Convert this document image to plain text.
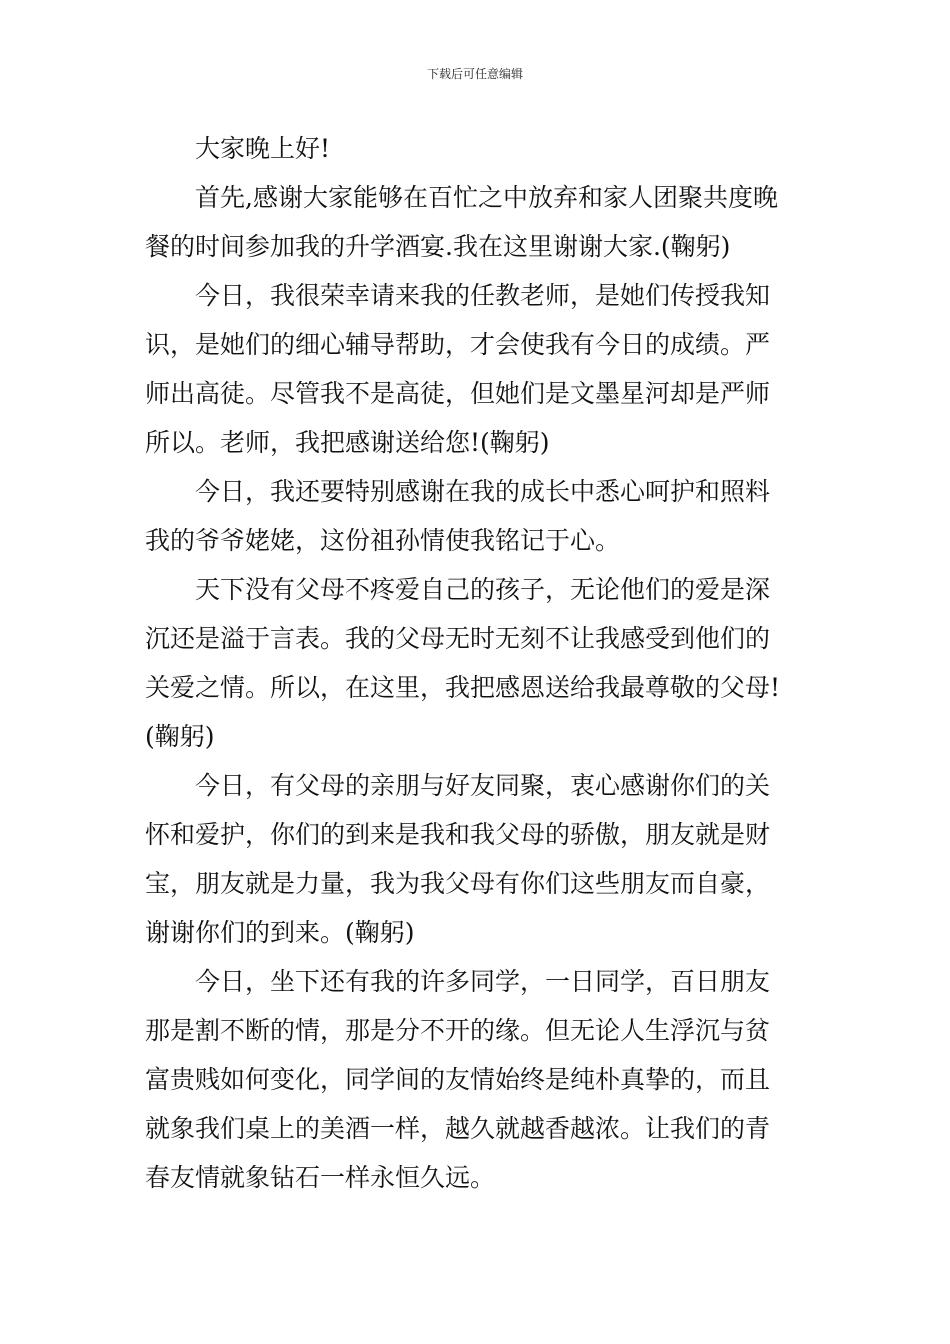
下载后可任意编辑
大家晚上好!
首先,感谢大家能够在百忙之中放弃和家人团聚共度晚
餐的时间参加我的升学酒宴.我在这里谢谢大家.(鞠躬)
今日，我很荣幸请来我的任教老师，是她们传授我知
识，是她们的细心辅导帮助，才会使我有今日的成绩。严
师出高徒。尽管我不是高徒，但她们是文墨星河却是严师
所以。老师，我把感谢送给您!(鞠躬)
今日，我还要特别感谢在我的成长中悉心呵护和照料
我的爷爷姥姥，这份祖孙情使我铭记于心。
天下没有父母不疼爱自己的孩子，无论他们的爱是深
沉还是溢于言表。我的父母无时无刻不让我感受到他们的
关爱之情。所以，在这里，我把感恩送给我最尊敬的父母!
(鞠躬)
今日，有父母的亲朋与好友同聚，衷心感谢你们的关
怀和爱护，你们的到来是我和我父母的骄傲，朋友就是财
宝，朋友就是力量，我为我父母有你们这些朋友而自豪，
谢谢你们的到来。(鞠躬)
今日，坐下还有我的许多同学，一日同学，百日朋友
那是割不断的情，那是分不开的缘。但无论人生浮沉与贫
富贵贱如何变化，同学间的友情始终是纯朴真挚的，而且
就象我们桌上的美酒一样，越久就越香越浓。让我们的青
春友情就象钻石一样永恒久远。
